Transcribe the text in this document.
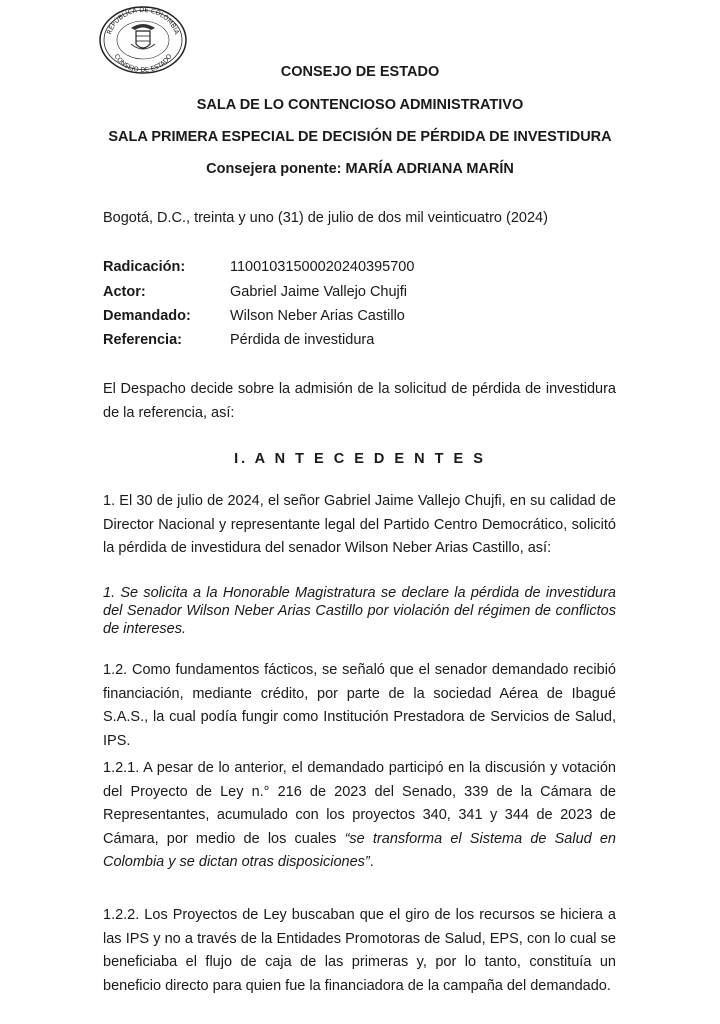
REPÚBLICA DE COLOMBIA
CONSEJO DE ESTADO
CONSEJO DE ESTADO
SALA DE LO CONTENCIOSO ADMINISTRATIVO
SALA PRIMERA ESPECIAL DE DECISIÓN DE PÉRDIDA DE INVESTIDURA
Consejera ponente: MARÍA ADRIANA MARÍN
Bogotá, D.C., treinta y uno (31) de julio de dos mil veinticuatro (2024)
Radicación:	11001031500020240395700
Actor:	Gabriel Jaime Vallejo Chujfi
Demandado:	Wilson Neber Arias Castillo
Referencia:	Pérdida de investidura
El Despacho decide sobre la admisión de la solicitud de pérdida de investidura de la referencia, así:
I. A N T E C E D E N T E S
1. El 30 de julio de 2024, el señor Gabriel Jaime Vallejo Chujfi, en su calidad de Director Nacional y representante legal del Partido Centro Democrático, solicitó la pérdida de investidura del senador Wilson Neber Arias Castillo, así:
1. Se solicita a la Honorable Magistratura se declare la pérdida de investidura del Senador Wilson Neber Arias Castillo por violación del régimen de conflictos de intereses.
1.2. Como fundamentos fácticos, se señaló que el senador demandado recibió financiación, mediante crédito, por parte de la sociedad Aérea de Ibagué S.A.S., la cual podía fungir como Institución Prestadora de Servicios de Salud, IPS.
1.2.1. A pesar de lo anterior, el demandado participó en la discusión y votación del Proyecto de Ley n.° 216 de 2023 del Senado, 339 de la Cámara de Representantes, acumulado con los proyectos 340, 341 y 344 de 2023 de Cámara, por medio de los cuales “se transforma el Sistema de Salud en Colombia y se dictan otras disposiciones”.
1.2.2. Los Proyectos de Ley buscaban que el giro de los recursos se hiciera a las IPS y no a través de la Entidades Promotoras de Salud, EPS, con lo cual se beneficiaba el flujo de caja de las primeras y, por lo tanto, constituía un beneficio directo para quien fue la financiadora de la campaña del demandado.
